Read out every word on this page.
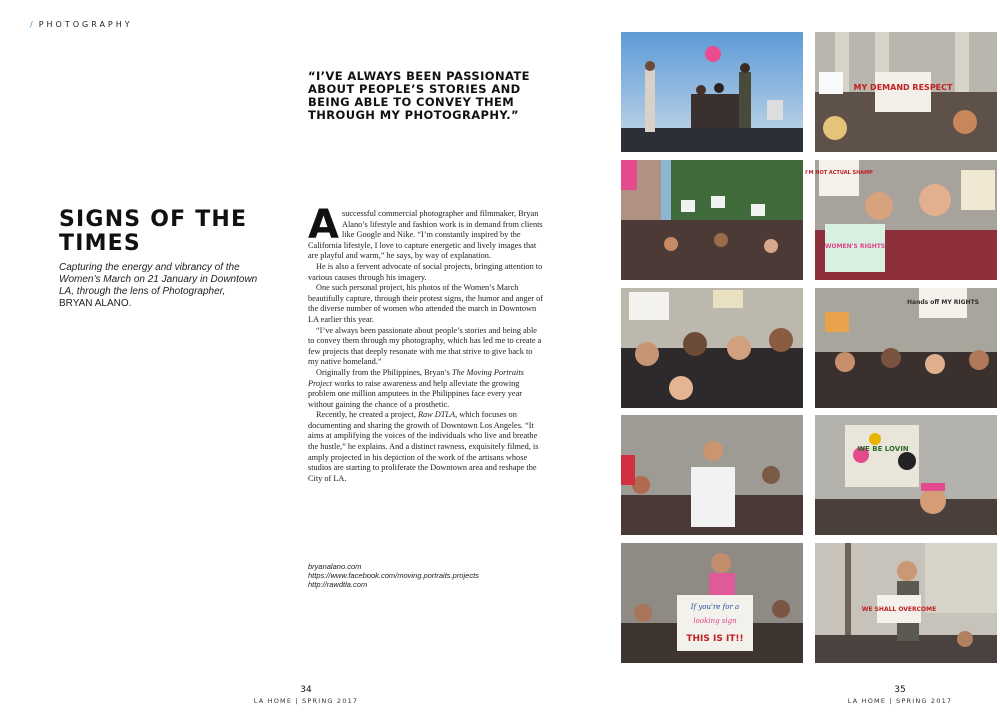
/ PHOTOGRAPHY
SIGNS OF THE TIMES
Capturing the energy and vibrancy of the Women’s March on 21 January in Downtown LA, through the lens of Photographer, BRYAN ALANO.
“I’VE ALWAYS BEEN PASSIONATE ABOUT PEOPLE’S STORIES AND BEING ABLE TO CONVEY THEM THROUGH MY PHOTOGRAPHY.”

A successful commercial photographer and filmmaker, Bryan Alano’s lifestyle and fashion work is in demand from clients like Google and Nike. “I’m constantly inspired by the California lifestyle, I love to capture energetic and lively images that are playful and warm,” he says, by way of explanation.

He is also a fervent advocate of social projects, bringing attention to various causes through his imagery.

One such personal project, his photos of the Women’s March beautifully capture, through their protest signs, the humor and anger of the diverse number of women who attended the march in Downtown LA earlier this year.

“I’ve always been passionate about people’s stories and being able to convey them through my photography, which has led me to create a few projects that deeply resonate with me that strive to give back to my native homeland.”

Originally from the Philippines, Bryan’s The Moving Portraits Project works to raise awareness and help alleviate the growing problem one million amputees in the Philippines face every year without gaining the chance of a prosthetic.

Recently, he created a project, Raw DTLA, which focuses on documenting and sharing the growth of Downtown Los Angeles. “It aims at amplifying the voices of the individuals who live and breathe the hustle,” he explains. And a distinct rawness, exquisitely filmed, is amply projected in his depiction of the work of the artisans whose studios are starting to proliferate the Downtown area and reshape the City of LA.

bryanalano.com
https://www.facebook.com/moving.portraits.projects
http://rawdtla.com
34
LA HOME | SPRING 2017
MY DEMAND RESPECT
I'M NOT ACTUAL SHAMP
WOMEN'S RIGHTS
Hands off MY RIGHTS
WE BE LOVIN
If you're for a
looking sign
THIS IS IT!!
WE SHALL OVERCOME
35
LA HOME | SPRING 2017
